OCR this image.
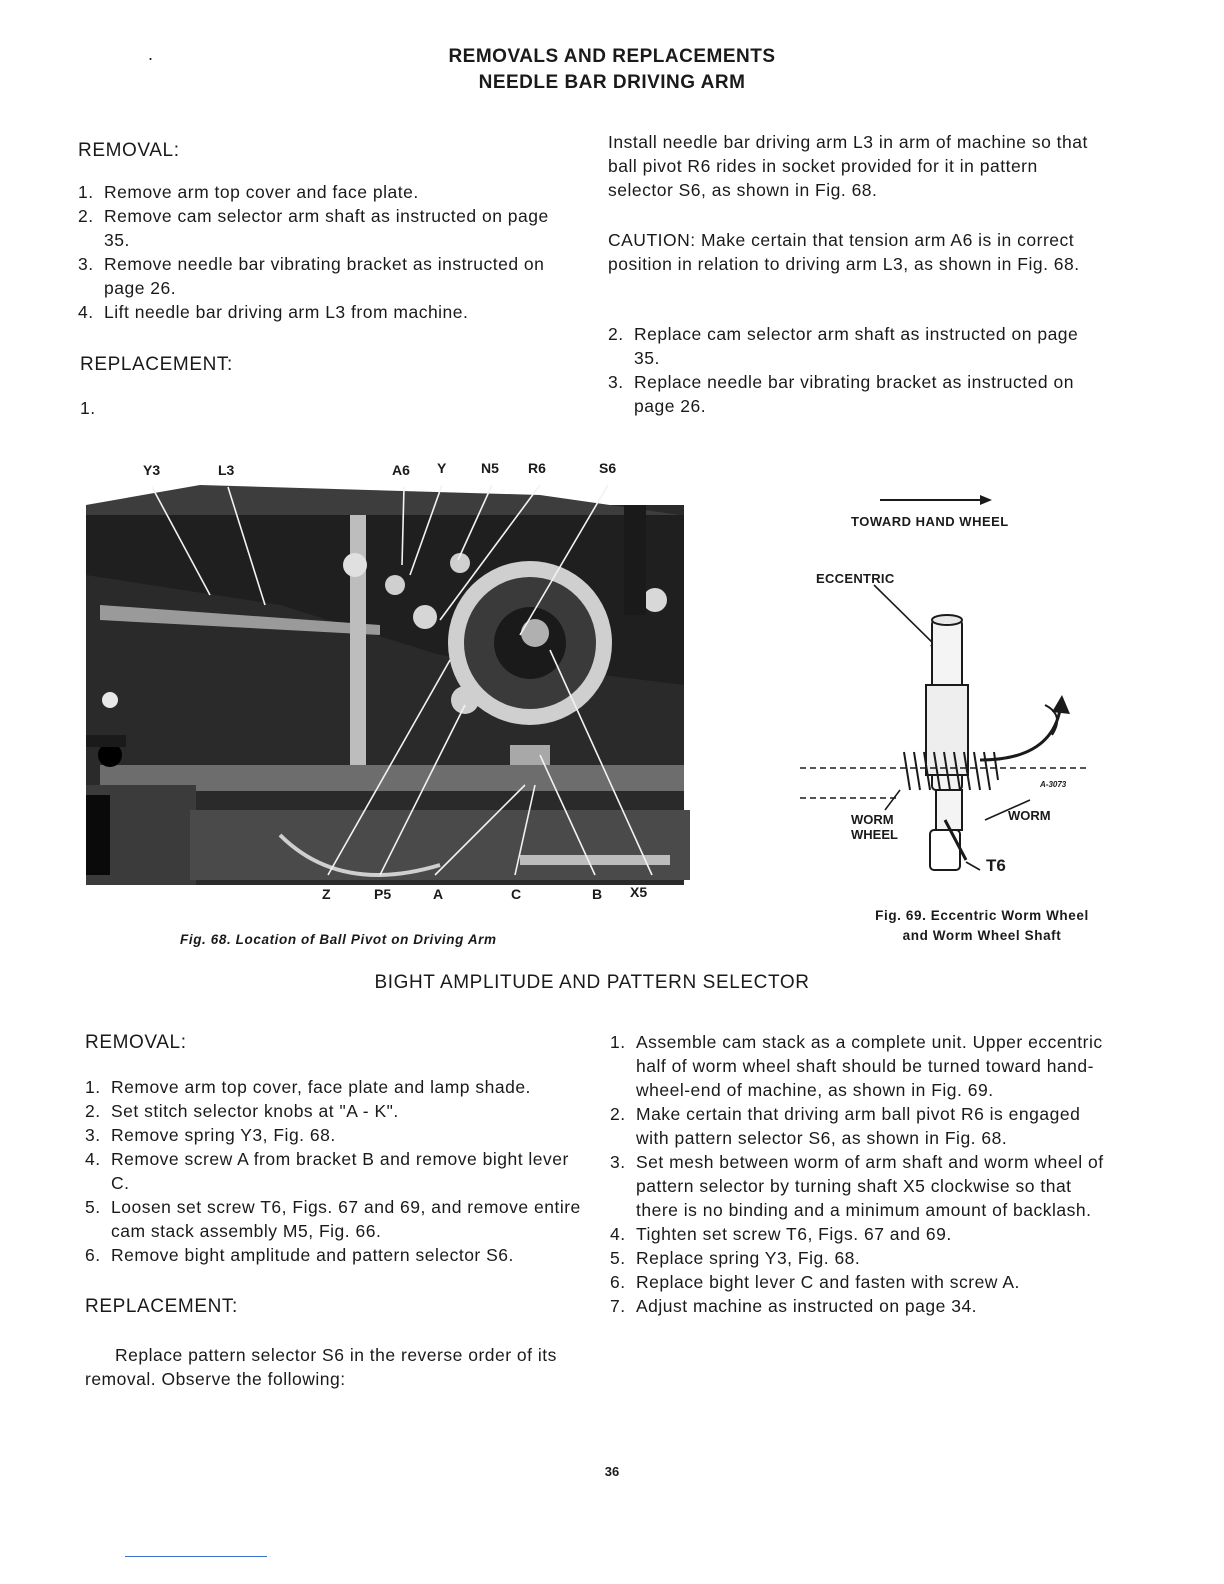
.	REMOVALS AND REPLACEMENTS
NEEDLE BAR DRIVING ARM
REMOVAL:
1. Remove arm top cover and face plate.
2. Remove cam selector arm shaft as instructed on page 35.
3. Remove needle bar vibrating bracket as instructed on page 26.
4. Lift needle bar driving arm L3 from machine.
REPLACEMENT:
1.

Install needle bar driving arm L3 in arm of machine so that ball pivot R6 rides in socket provided for it in pattern selector S6, as shown in Fig. 68.

CAUTION: Make certain that tension arm A6 is in correct position in relation to driving arm L3, as shown in Fig. 68.
2. Replace cam selector arm shaft as instructed on page 35.
3. Replace needle bar vibrating bracket as instructed on page 26.
Y3	L3	A6 Y N5 R6	S6
Z	P5	A	C	B X5
Fig. 68. Location of Ball Pivot on Driving Arm
TOWARD HAND WHEEL
ECCENTRIC
WORM WHEEL
WORM
T6
A-3073
Fig. 69. Eccentric Worm Wheel and Worm Wheel Shaft
BIGHT AMPLITUDE AND PATTERN SELECTOR
REMOVAL:
1. Remove arm top cover, face plate and lamp shade.
2. Set stitch selector knobs at "A - K".
3. Remove spring Y3, Fig. 68.
4. Remove screw A from bracket B and remove bight lever C.
5. Loosen set screw T6, Figs. 67 and 69, and remove entire cam stack assembly M5, Fig. 66.
6. Remove bight amplitude and pattern selector S6.
REPLACEMENT:
Replace pattern selector S6 in the reverse order of its removal. Observe the following:
1. Assemble cam stack as a complete unit. Upper eccentric half of worm wheel shaft should be turned toward hand-wheel-end of machine, as shown in Fig. 69.
2. Make certain that driving arm ball pivot R6 is engaged with pattern selector S6, as shown in Fig. 68.
3. Set mesh between worm of arm shaft and worm wheel of pattern selector by turning shaft X5 clockwise so that there is no binding and a minimum amount of backlash.
4. Tighten set screw T6, Figs. 67 and 69.
5. Replace spring Y3, Fig. 68.
6. Replace bight lever C and fasten with screw A.
7. Adjust machine as instructed on page 34.
36
